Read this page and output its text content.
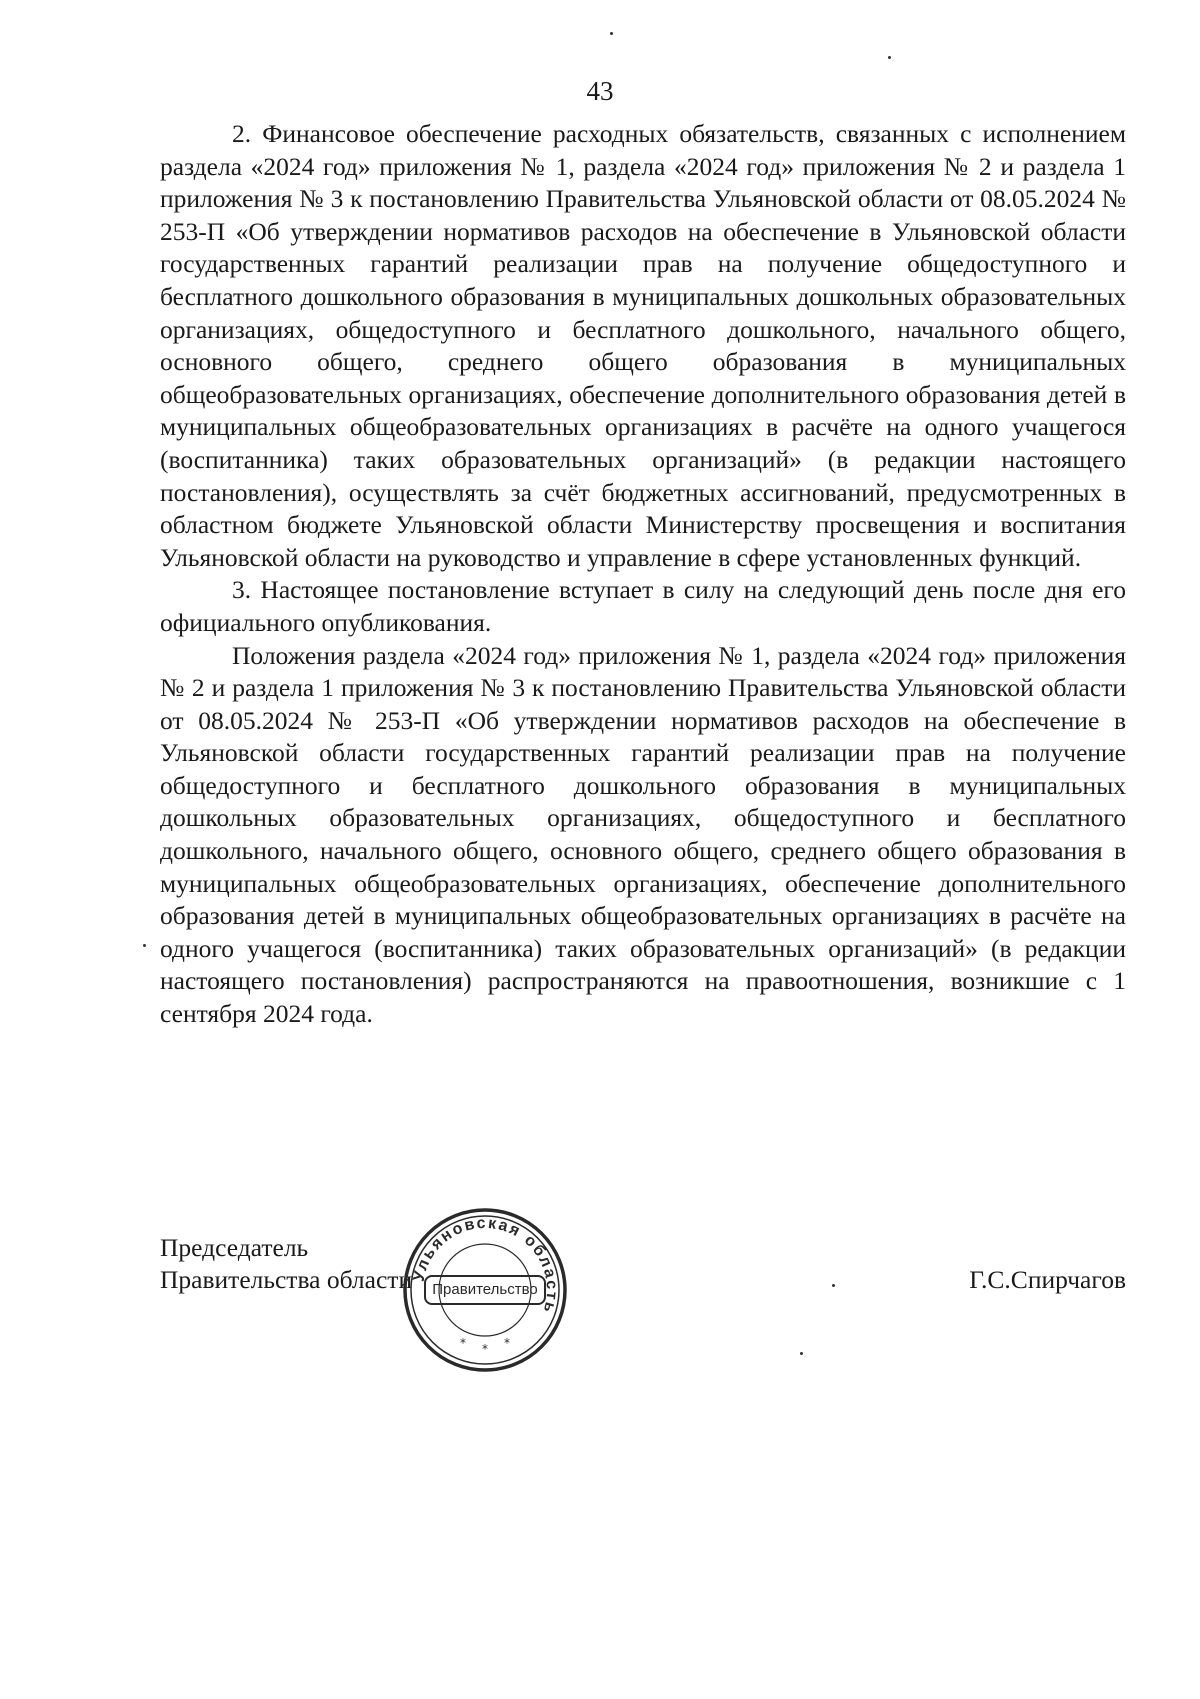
43

2. Финансовое обеспечение расходных обязательств, связанных с исполнением раздела «2024 год» приложения № 1, раздела «2024 год» приложения № 2 и раздела 1 приложения № 3 к постановлению Правительства Ульяновской области от 08.05.2024 № 253-П «Об утверждении нормативов расходов на обеспечение в Ульяновской области государственных гарантий реализации прав на получение общедоступного и бесплатного дошкольного образования в муниципальных дошкольных образовательных организациях, общедоступного и бесплатного дошкольного, начального общего, основного общего, среднего общего образования в муниципальных общеобразовательных организациях, обеспечение дополнительного образования детей в муниципальных общеобразовательных организациях в расчёте на одного учащегося (воспитанника) таких образовательных организаций» (в редакции настоящего постановления), осуществлять за счёт бюджетных ассигнований, предусмотренных в областном бюджете Ульяновской области Министерству просвещения и воспитания Ульяновской области на руководство и управление в сфере установленных функций.

3. Настоящее постановление вступает в силу на следующий день после дня его официального опубликования.

Положения раздела «2024 год» приложения № 1, раздела «2024 год» приложения № 2 и раздела 1 приложения № 3 к постановлению Правительства Ульяновской области от 08.05.2024 № 253-П «Об утверждении нормативов расходов на обеспечение в Ульяновской области государственных гарантий реализации прав на получение общедоступного и бесплатного дошкольного образования в муниципальных дошкольных образовательных организациях, общедоступного и бесплатного дошкольного, начального общего, основного общего, среднего общего образования в муниципальных общеобразовательных организациях, обеспечение дополнительного образования детей в муниципальных общеобразовательных организациях в расчёте на одного учащегося (воспитанника) таких образовательных организаций» (в редакции настоящего постановления) распространяются на правоотношения, возникшие с 1 сентября 2024 года.

Председатель
Правительства области
Ульяновская область
* * *
Правительство	Г.С.Спирчагов
